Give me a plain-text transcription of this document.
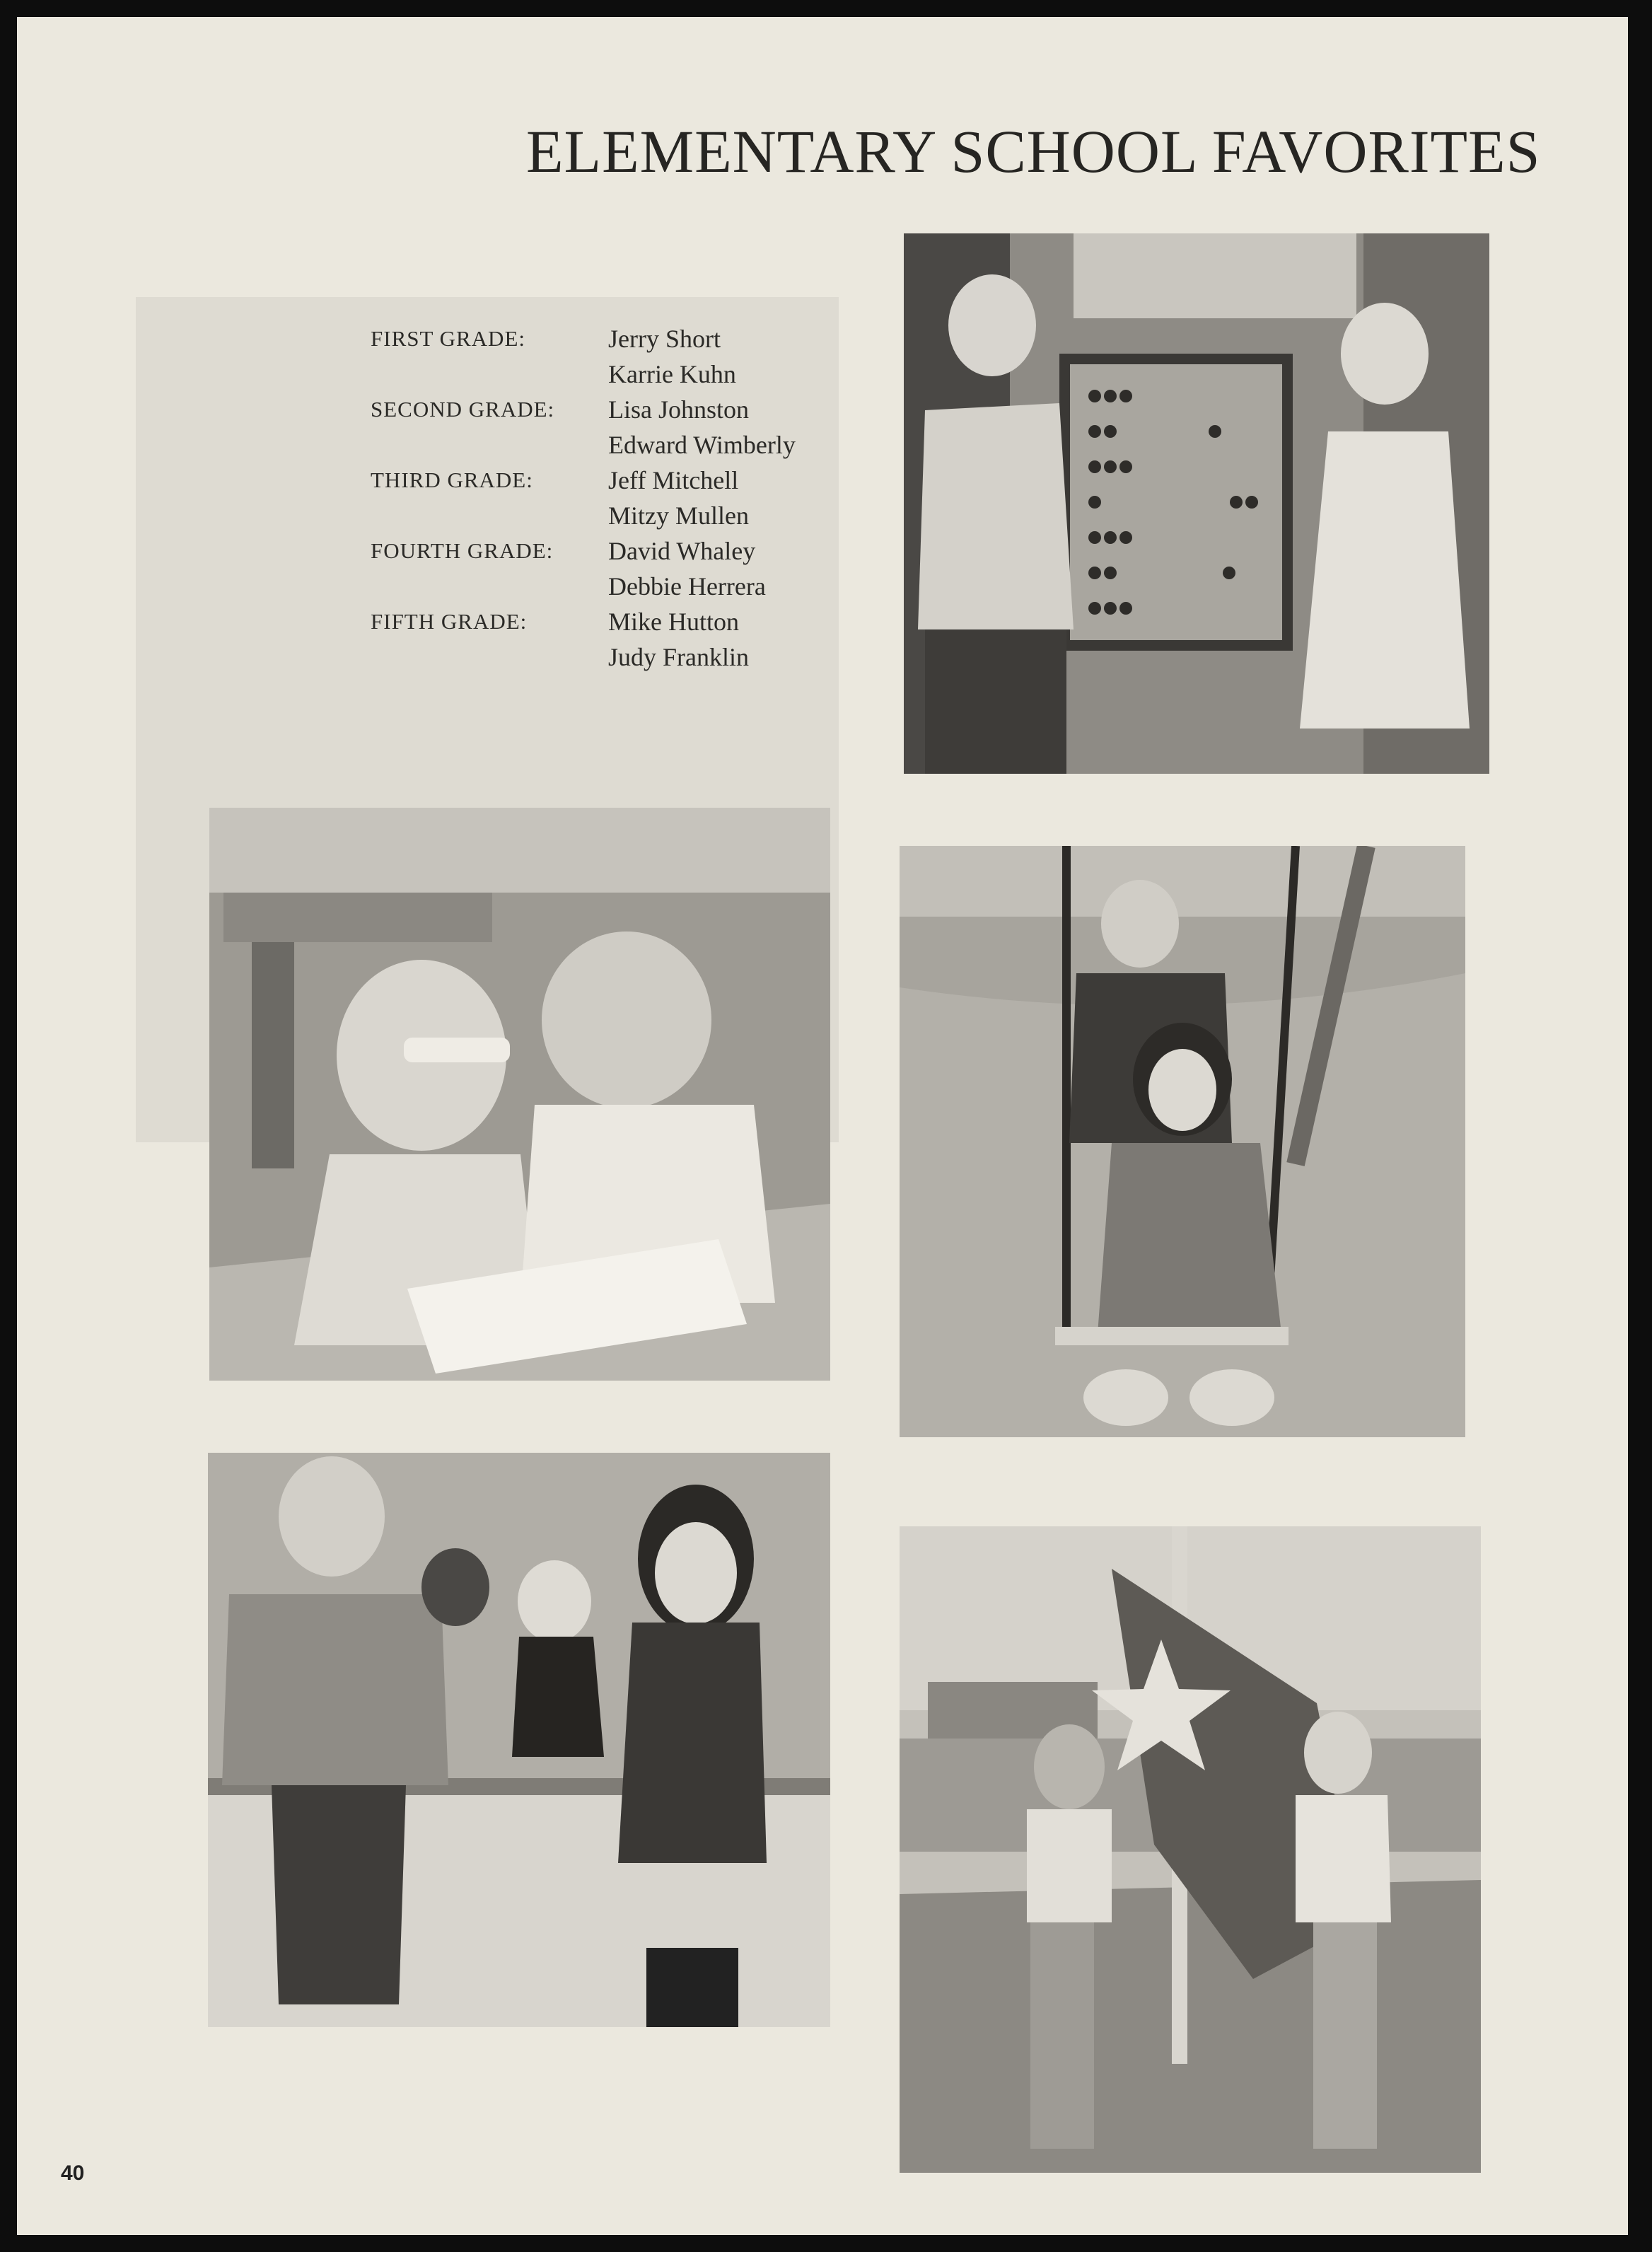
ELEMENTARY SCHOOL FAVORITES
FIRST GRADE:	Jerry Short
Karrie Kuhn
SECOND GRADE: Lisa Johnston
Edward Wimberly
THIRD GRADE:	Jeff Mitchell
Mitzy Mullen
FOURTH GRADE: David Whaley
Debbie Herrera
FIFTH GRADE:	Mike Hutton
Judy Franklin
40
